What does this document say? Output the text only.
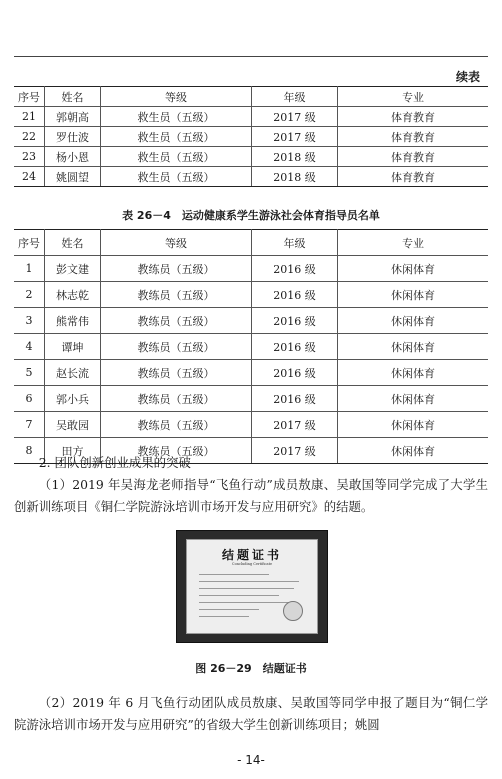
续表
序号	姓名	等级	年级	专业
21	郭朝高	救生员（五级）	2017 级	体育教育
22	罗仕波	救生员（五级）	2017 级	体育教育
23	杨小恩	救生员（五级）	2018 级	体育教育
24	姚圆望	救生员（五级）	2018 级	体育教育
表 26－4　运动健康系学生游泳社会体育指导员名单
序号	姓名	等级	年级	专业
1	彭文建	教练员（五级）	2016 级	休闲体育
2	林志乾	教练员（五级）	2016 级	休闲体育
3	熊常伟	教练员（五级）	2016 级	休闲体育
4	谭坤	教练员（五级）	2016 级	休闲体育
5	赵长流	教练员（五级）	2016 级	休闲体育
6	郭小兵	教练员（五级）	2016 级	休闲体育
7	吴敢园	教练员（五级）	2017 级	休闲体育
8	田方	教练员（五级）	2017 级	休闲体育

2. 团队创新创业成果的突破

（1）2019 年吴海龙老师指导“飞鱼行动”成员敖康、吴敢国等同学完成了大学生创新训练项目《铜仁学院游泳培训市场开发与应用研究》的结题。

结题证书
Concluding Certificate
图 26－29　结题证书

（2）2019 年 6 月飞鱼行动团队成员敖康、吴敢国等同学申报了题目为“铜仁学院游泳培训市场开发与应用研究”的省级大学生创新训练项目；姚圆

- 14-
